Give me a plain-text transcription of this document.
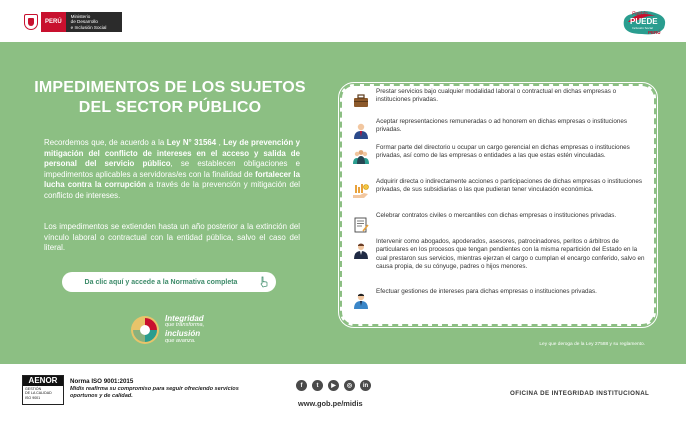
PERÚ
Ministerio
de Desarrollo
e Inclusión Social
Pueblo
PUEDE
Inclusión Social
PERÚ
IMPEDIMENTOS DE LOS SUJETOS
DEL SECTOR PÚBLICO

Recordemos que, de acuerdo a la Ley N° 31564 , Ley de prevención y mitigación del conflicto de intereses en el acceso y salida de personal del servicio público, se establecen obligaciones e impedimentos aplicables a servidoras/es con la finalidad de fortalecer la lucha contra la corrupción a través de la prevención y mitigación del conflicto de intereses.

Los impedimentos se extienden hasta un año posterior a la extinción del vínculo laboral o contractual con la entidad pública, salvo el caso del literal.

Da clic aquí y accede a la Normativa completa
Integridad
que transforma,
inclusión
que avanza.
Prestar servicios bajo cualquier modalidad laboral o contractual en dichas empresas o instituciones privadas.
Aceptar representaciones remuneradas o ad honorem en dichas empresas o instituciones privadas.
Formar parte del directorio u ocupar un cargo gerencial en dichas empresas o instituciones privadas, así como de las empresas o entidades a las que estas estén vinculadas.
Adquirir directa o indirectamente acciones o participaciones de dichas empresas o instituciones privadas, de sus subsidiarias o las que pudieran tener vinculación económica.
Celebrar contratos civiles o mercantiles con dichas empresas o instituciones privadas.
Intervenir como abogados, apoderados, asesores, patrocinadores, peritos o árbitros de particulares en los procesos que tengan pendientes con la misma repartición del Estado en la cual prestaron sus servicios, mientras ejerzan el cargo o cumplan el encargo conferido, salvo en causa propia, de su cónyuge, padres o hijos menores.
Efectuar gestiones de intereses para dichas empresas o instituciones privadas.
Ley que deroga de la Ley 27588 y su reglamento.
AENOR
GESTIÓN
DE LA CALIDAD
ISO 9001
Norma ISO 9001:2015
Midis reafirma su compromiso para seguir ofreciendo servicios oportunos y de calidad.
f	t	▶	◎	in
www.gob.pe/midis
OFICINA DE INTEGRIDAD INSTITUCIONAL
